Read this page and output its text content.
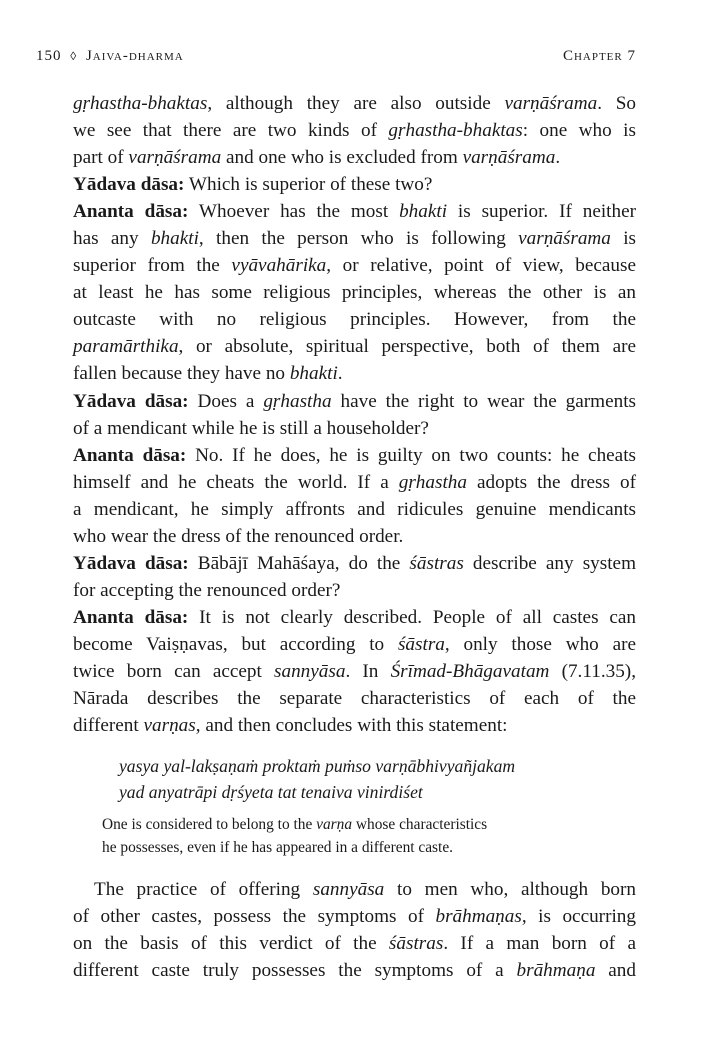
150 ◊ Jaiva-dharma	Chapter 7
gṛhastha-bhaktas, although they are also outside varṇāśrama. So
we see that there are two kinds of gṛhastha-bhaktas: one who is
part of varṇāśrama and one who is excluded from varṇāśrama.
Yādava dāsa: Which is superior of these two?
Ananta dāsa: Whoever has the most bhakti is superior. If neither
has any bhakti, then the person who is following varṇāśrama is
superior from the vyāvahārika, or relative, point of view, because
at least he has some religious principles, whereas the other is an
outcaste with no religious principles. However, from the
paramārthika, or absolute, spiritual perspective, both of them are
fallen because they have no bhakti.
Yādava dāsa: Does a gṛhastha have the right to wear the garments
of a mendicant while he is still a householder?
Ananta dāsa: No. If he does, he is guilty on two counts: he cheats
himself and he cheats the world. If a gṛhastha adopts the dress of
a mendicant, he simply affronts and ridicules genuine mendicants
who wear the dress of the renounced order.
Yādava dāsa: Bābājī Mahāśaya, do the śāstras describe any system
for accepting the renounced order?
Ananta dāsa: It is not clearly described. People of all castes can
become Vaiṣṇavas, but according to śāstra, only those who are
twice born can accept sannyāsa. In Śrīmad-Bhāgavatam (7.11.35),
Nārada describes the separate characteristics of each of the
different varṇas, and then concludes with this statement:
yasya yal-lakṣaṇaṁ proktaṁ puṁso varṇābhivyañjakam
yad anyatrāpi dṛśyeta tat tenaiva vinirdiśet
One is considered to belong to the varṇa whose characteristics
he possesses, even if he has appeared in a different caste.
The practice of offering sannyāsa to men who, although born
of other castes, possess the symptoms of brāhmaṇas, is occurring
on the basis of this verdict of the śāstras. If a man born of a
different caste truly possesses the symptoms of a brāhmaṇa and
